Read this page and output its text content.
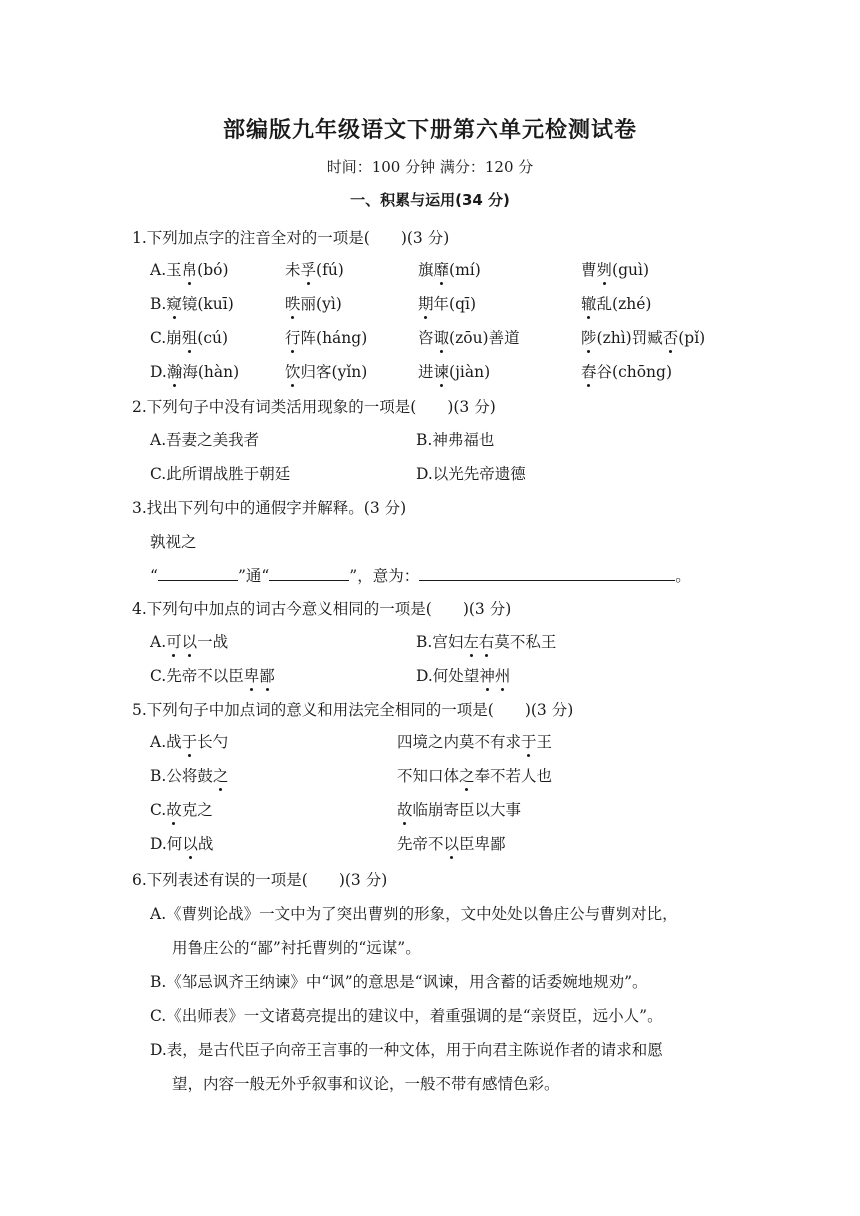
部编版九年级语文下册第六单元检测试卷
时间：100 分钟 满分：120 分
一、积累与运用(34 分)
1.下列加点字的注音全对的一项是(　　)(3 分)
A.玉帛(bó)	未孚(fú)	旗靡(mí)	曹刿(guì)
B.窥镜(kuī)	昳丽(yì)	期年(qī)	辙乱(zhé)
C.崩殂(cú)	行阵(háng)	咨诹(zōu)善道	陟(zhì)罚臧否(pǐ)
D.瀚海(hàn)	饮归客(yǐn)	进谏(jiàn)	舂谷(chōng)
2.下列句子中没有词类活用现象的一项是(　　)(3 分)
A.吾妻之美我者	B.神弗福也
C.此所谓战胜于朝廷	D.以光先帝遗德
3.找出下列句中的通假字并解释。(3 分)
孰视之
“	”通“	”，意为：	。
4.下列句中加点的词古今意义相同的一项是(　　)(3 分)
A.可以一战	B.宫妇左右莫不私王
C.先帝不以臣卑鄙	D.何处望神州
5.下列句子中加点词的意义和用法完全相同的一项是(　　)(3 分)
A.战于长勺	四境之内莫不有求于王
B.公将鼓之	不知口体之奉不若人也
C.故克之	故临崩寄臣以大事
D.何以战	先帝不以臣卑鄙
6.下列表述有误的一项是(　　)(3 分)
A.《曹刿论战》一文中为了突出曹刿的形象，文中处处以鲁庄公与曹刿对比，
用鲁庄公的“鄙”衬托曹刿的“远谋”。
B.《邹忌讽齐王纳谏》中“讽”的意思是“讽谏，用含蓄的话委婉地规劝”。
C.《出师表》一文诸葛亮提出的建议中，着重强调的是“亲贤臣，远小人”。
D.表，是古代臣子向帝王言事的一种文体，用于向君主陈说作者的请求和愿
望，内容一般无外乎叙事和议论，一般不带有感情色彩。
